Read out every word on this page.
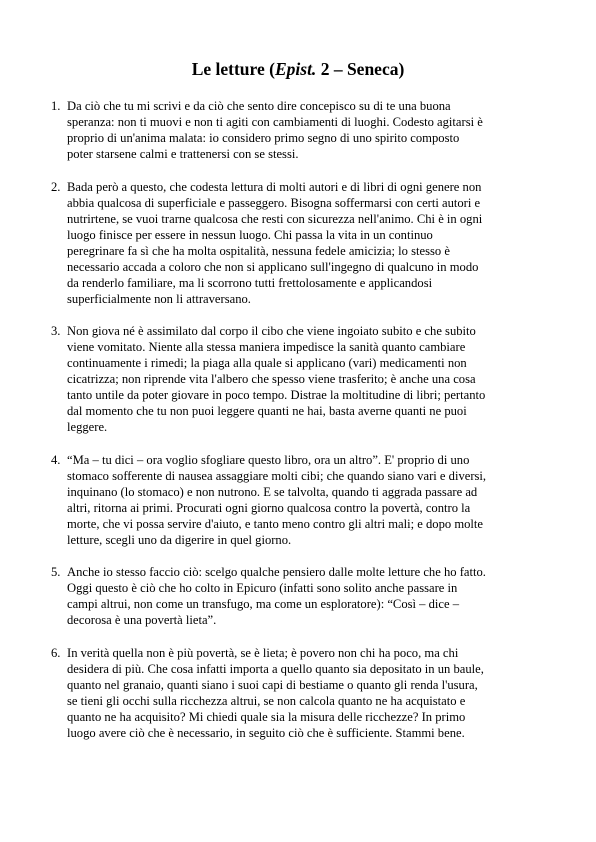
Le letture (Epist. 2 – Seneca)
1. Da ciò che tu mi scrivi e da ciò che sento dire concepisco su di te una buona
speranza: non ti muovi e non ti agiti con cambiamenti di luoghi. Codesto agitarsi è
proprio di un'anima malata: io considero primo segno di uno spirito composto
poter starsene calmi e trattenersi con se stessi.
2. Bada però a questo, che codesta lettura di molti autori e di libri di ogni genere non
abbia qualcosa di superficiale e passeggero. Bisogna soffermarsi con certi autori e
nutrirtene, se vuoi trarne qualcosa che resti con sicurezza nell'animo. Chi è in ogni
luogo finisce per essere in nessun luogo. Chi passa la vita in un continuo
peregrinare fa sì che ha molta ospitalità, nessuna fedele amicizia; lo stesso è
necessario accada a coloro che non si applicano sull'ingegno di qualcuno in modo
da renderlo familiare, ma li scorrono tutti frettolosamente e applicandosi
superficialmente non li attraversano.
3. Non giova né è assimilato dal corpo il cibo che viene ingoiato subito e che subito
viene vomitato. Niente alla stessa maniera impedisce la sanità quanto cambiare
continuamente i rimedi; la piaga alla quale si applicano (vari) medicamenti non
cicatrizza; non riprende vita l'albero che spesso viene trasferito; è anche una cosa
tanto untile da poter giovare in poco tempo. Distrae la moltitudine di libri; pertanto
dal momento che tu non puoi leggere quanti ne hai, basta averne quanti ne puoi
leggere.
4. “Ma – tu dici – ora voglio sfogliare questo libro, ora un altro”. E' proprio di uno
stomaco sofferente di nausea assaggiare molti cibi; che quando siano vari e diversi,
inquinano (lo stomaco) e non nutrono. E se talvolta, quando ti aggrada passare ad
altri, ritorna ai primi. Procurati ogni giorno qualcosa contro la povertà, contro la
morte, che vi possa servire d'aiuto, e tanto meno contro gli altri mali; e dopo molte
letture, scegli uno da digerire in quel giorno.
5. Anche io stesso faccio ciò: scelgo qualche pensiero dalle molte letture che ho fatto.
Oggi questo è ciò che ho colto in Epicuro (infatti sono solito anche passare in
campi altrui, non come un transfugo, ma come un esploratore): “Così – dice –
decorosa è una povertà lieta”.
6. In verità quella non è più povertà, se è lieta; è povero non chi ha poco, ma chi
desidera di più. Che cosa infatti importa a quello quanto sia depositato in un baule,
quanto nel granaio, quanti siano i suoi capi di bestiame o quanto gli renda l'usura,
se tieni gli occhi sulla ricchezza altrui, se non calcola quanto ne ha acquistato e
quanto ne ha acquisito? Mi chiedi quale sia la misura delle ricchezze? In primo
luogo avere ciò che è necessario, in seguito ciò che è sufficiente. Stammi bene.
